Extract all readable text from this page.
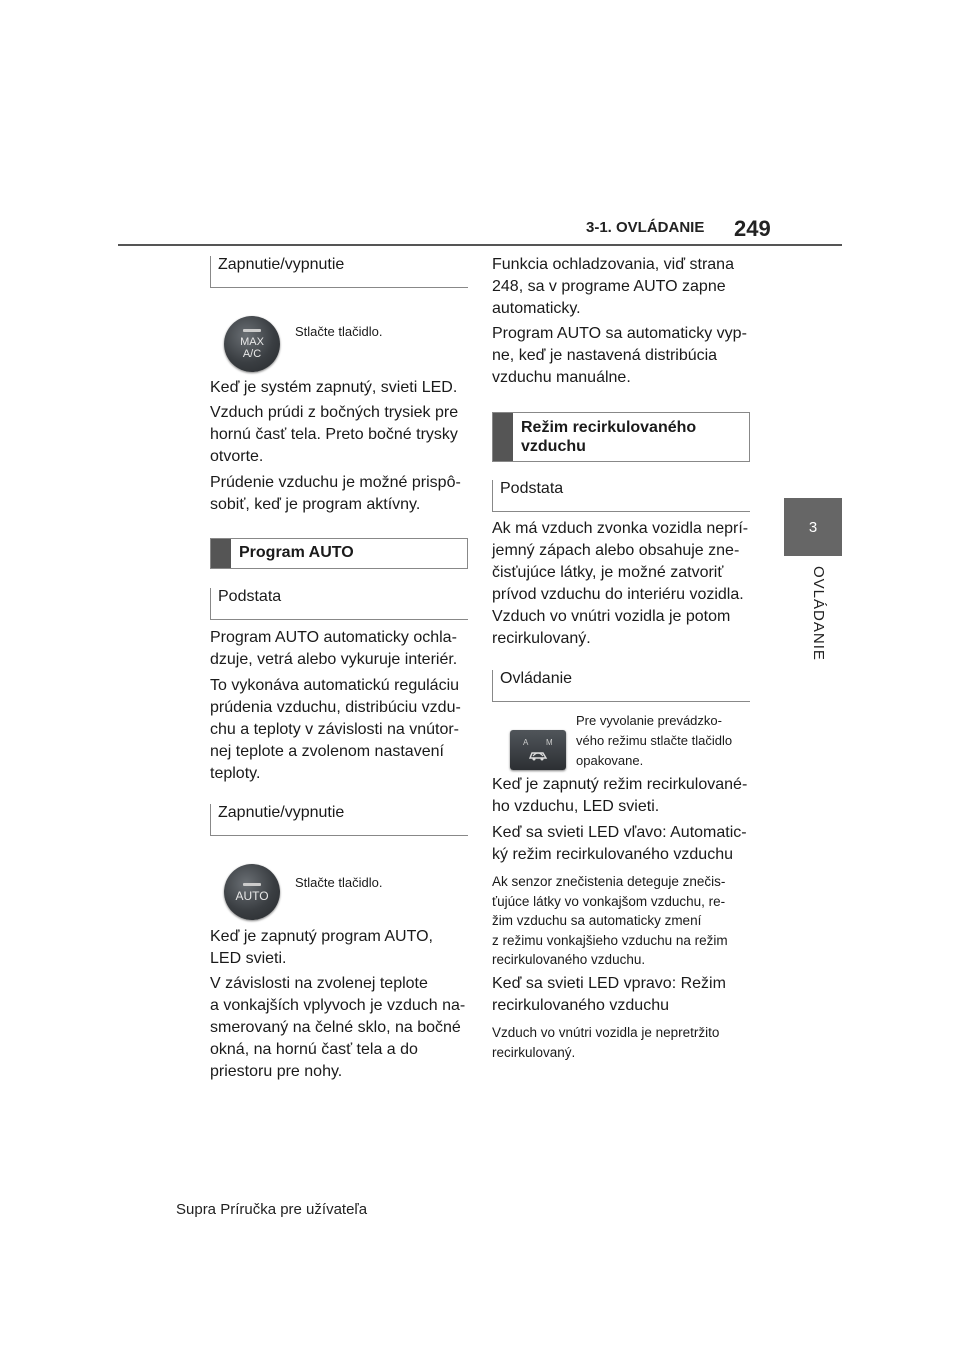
3-1. OVLÁDANIE 249
3
OVLÁDANIE
Zapnutie/vypnutie
MAX
A/C
Stlačte tlačidlo.

Keď je systém zapnutý, svieti LED.

Vzduch prúdi z bočných trysiek pre
hornú časť tela. Preto bočné trysky
otvorte.

Prúdenie vzduchu je možné prispô-
sobiť, keď je program aktívny.

Program AUTO
Podstata

Program AUTO automaticky ochla-
dzuje, vetrá alebo vykuruje interiér.

To vykonáva automatickú reguláciu
prúdenia vzduchu, distribúciu vzdu-
chu a teploty v závislosti na vnútor-
nej teplote a zvolenom nastavení
teploty.

Zapnutie/vypnutie
AUTO
Stlačte tlačidlo.

Keď je zapnutý program AUTO,
LED svieti.

V závislosti na zvolenej teplote
a vonkajších vplyvoch je vzduch na-
smerovaný na čelné sklo, na bočné
okná, na hornú časť tela a do
priestoru pre nohy.

Funkcia ochladzovania, viď strana
248, sa v programe AUTO zapne
automaticky.

Program AUTO sa automaticky vyp-
ne, keď je nastavená distribúcia
vzduchu manuálne.

Režim recirkulovaného
vzduchu
Podstata

Ak má vzduch zvonka vozidla neprí-
jemný zápach alebo obsahuje zne-
čisťujúce látky, je možné zatvoriť
prívod vzduchu do interiéru vozidla.
Vzduch vo vnútri vozidla je potom
recirkulovaný.

Ovládanie
A M
Pre vyvolanie prevádzko-
vého režimu stlačte tlačidlo
opakovane.

Keď je zapnutý režim recirkulované-
ho vzduchu, LED svieti.

Keď sa svieti LED vľavo: Automatic-
ký režim recirkulovaného vzduchu

Ak senzor znečistenia deteguje znečis-
ťujúce látky vo vonkajšom vzduchu, re-
žim vzduchu sa automaticky zmení
z režimu vonkajšieho vzduchu na režim
recirkulovaného vzduchu.

Keď sa svieti LED vpravo: Režim
recirkulovaného vzduchu

Vzduch vo vnútri vozidla je nepretržito
recirkulovaný.

Supra Príručka pre užívateľa
